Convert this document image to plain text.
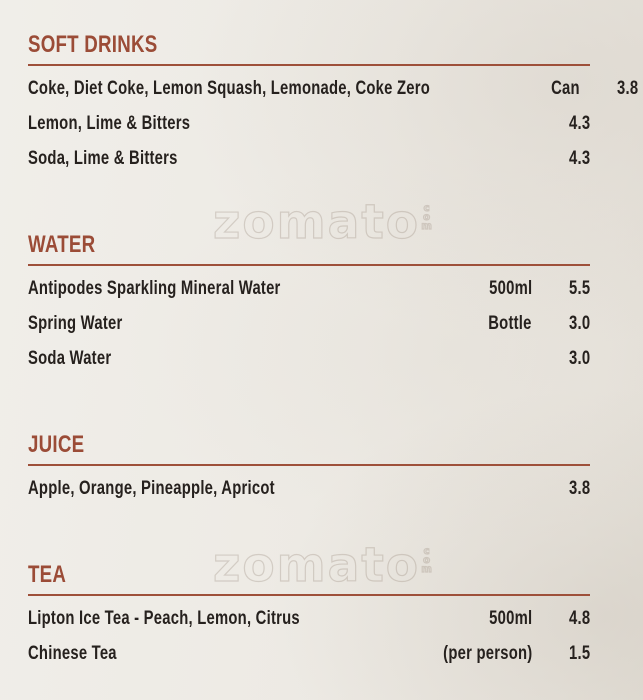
zomato com
zomato com
SOFT DRINKS
Coke, Diet Coke, Lemon Squash, Lemonade, Coke Zero	Can	3.8
Lemon, Lime & Bitters	4.3
Soda, Lime & Bitters	4.3
WATER
Antipodes Sparkling Mineral Water	500ml	5.5
Spring Water	Bottle	3.0
Soda Water	3.0
JUICE
Apple, Orange, Pineapple, Apricot	3.8
TEA
Lipton Ice Tea - Peach, Lemon, Citrus	500ml	4.8
Chinese Tea	(per person)	1.5
